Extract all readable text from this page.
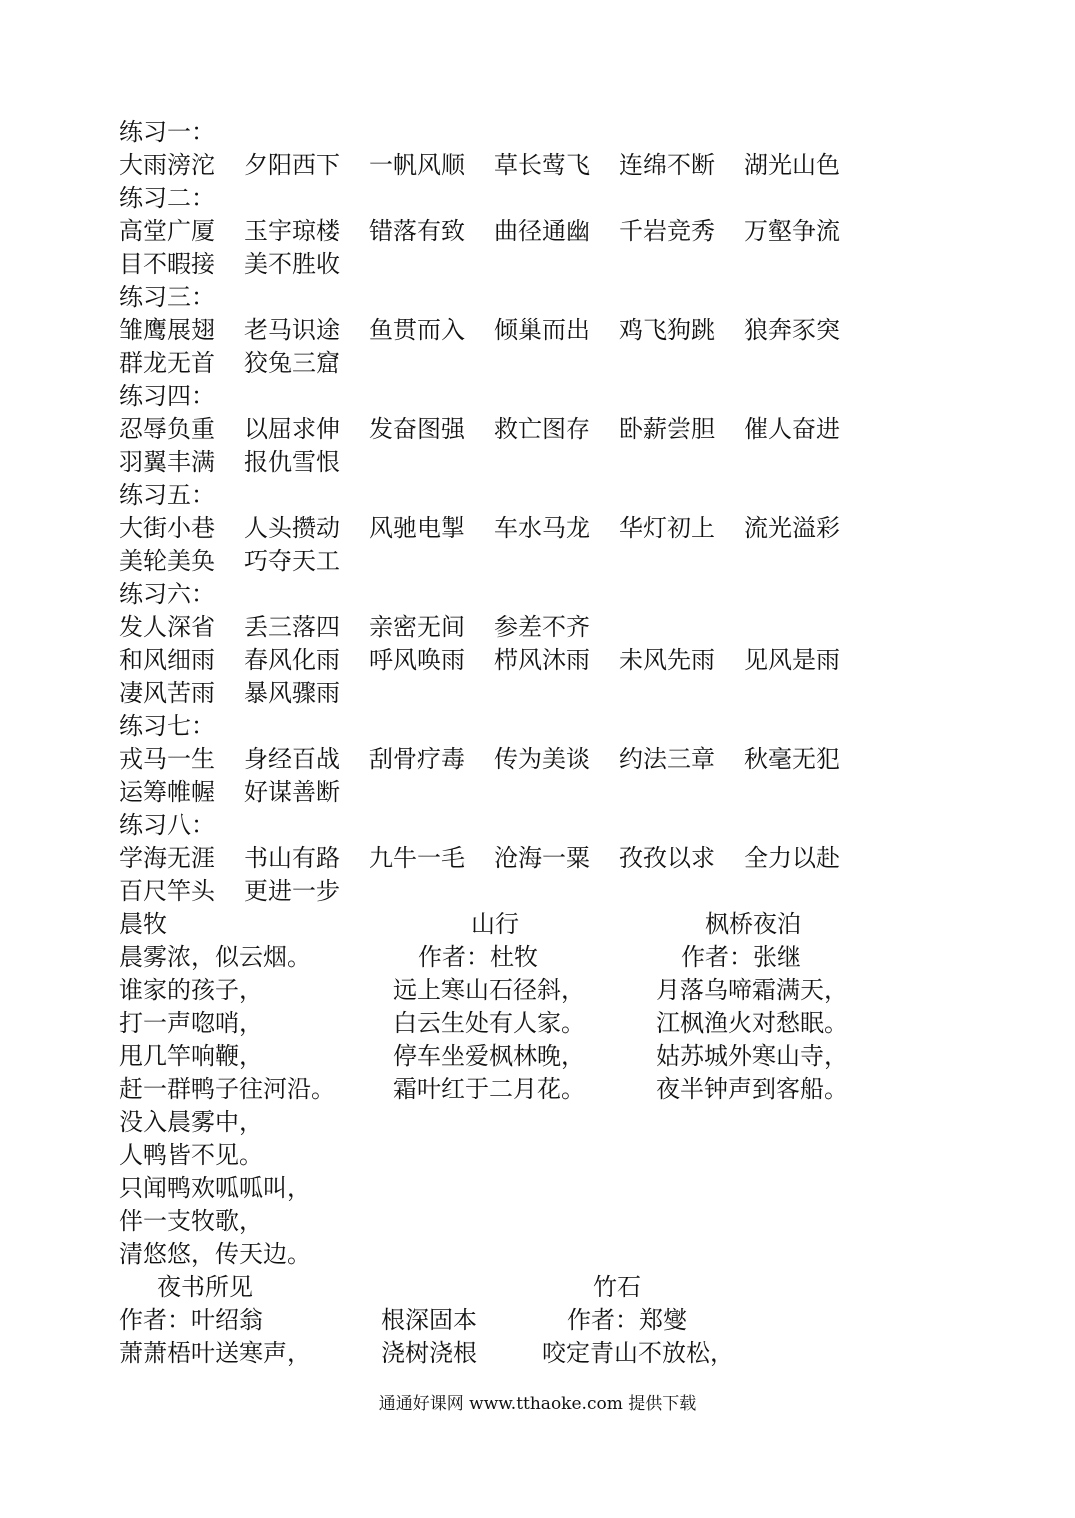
练习一：
大雨滂沱 夕阳西下 一帆风顺 草长莺飞 连绵不断 湖光山色
练习二：
高堂广厦 玉宇琼楼 错落有致 曲径通幽 千岩竞秀 万壑争流
目不暇接 美不胜收
练习三：
雏鹰展翅 老马识途 鱼贯而入 倾巢而出 鸡飞狗跳 狼奔豕突
群龙无首 狡兔三窟
练习四：
忍辱负重 以屈求伸 发奋图强 救亡图存 卧薪尝胆 催人奋进
羽翼丰满 报仇雪恨
练习五：
大街小巷 人头攒动 风驰电掣 车水马龙 华灯初上 流光溢彩
美轮美奂 巧夺天工
练习六：
发人深省 丢三落四 亲密无间 参差不齐
和风细雨 春风化雨 呼风唤雨 栉风沐雨 未风先雨 见风是雨
凄风苦雨 暴风骤雨
练习七：
戎马一生 身经百战 刮骨疗毒 传为美谈 约法三章 秋毫无犯
运筹帷幄 好谋善断
练习八：
学海无涯 书山有路 九牛一毛 沧海一粟 孜孜以求 全力以赴
百尺竿头 更进一步
晨牧	山行	枫桥夜泊
晨雾浓，似云烟。	作者：杜牧	作者：张继
谁家的孩子，	远上寒山石径斜，	月落乌啼霜满天，
打一声唿哨，	白云生处有人家。	江枫渔火对愁眠。
甩几竿响鞭，	停车坐爱枫林晚，	姑苏城外寒山寺，
赶一群鸭子往河沿。 霜叶红于二月花。	夜半钟声到客船。
没入晨雾中，
人鸭皆不见。
只闻鸭欢呱呱叫，
伴一支牧歌，
清悠悠，传天边。
夜书所见	竹石
作者：叶绍翁	根深固本	作者：郑燮
萧萧梧叶送寒声，	浇树浇根	咬定青山不放松，
通通好课网 www.tthaoke.com 提供下载
